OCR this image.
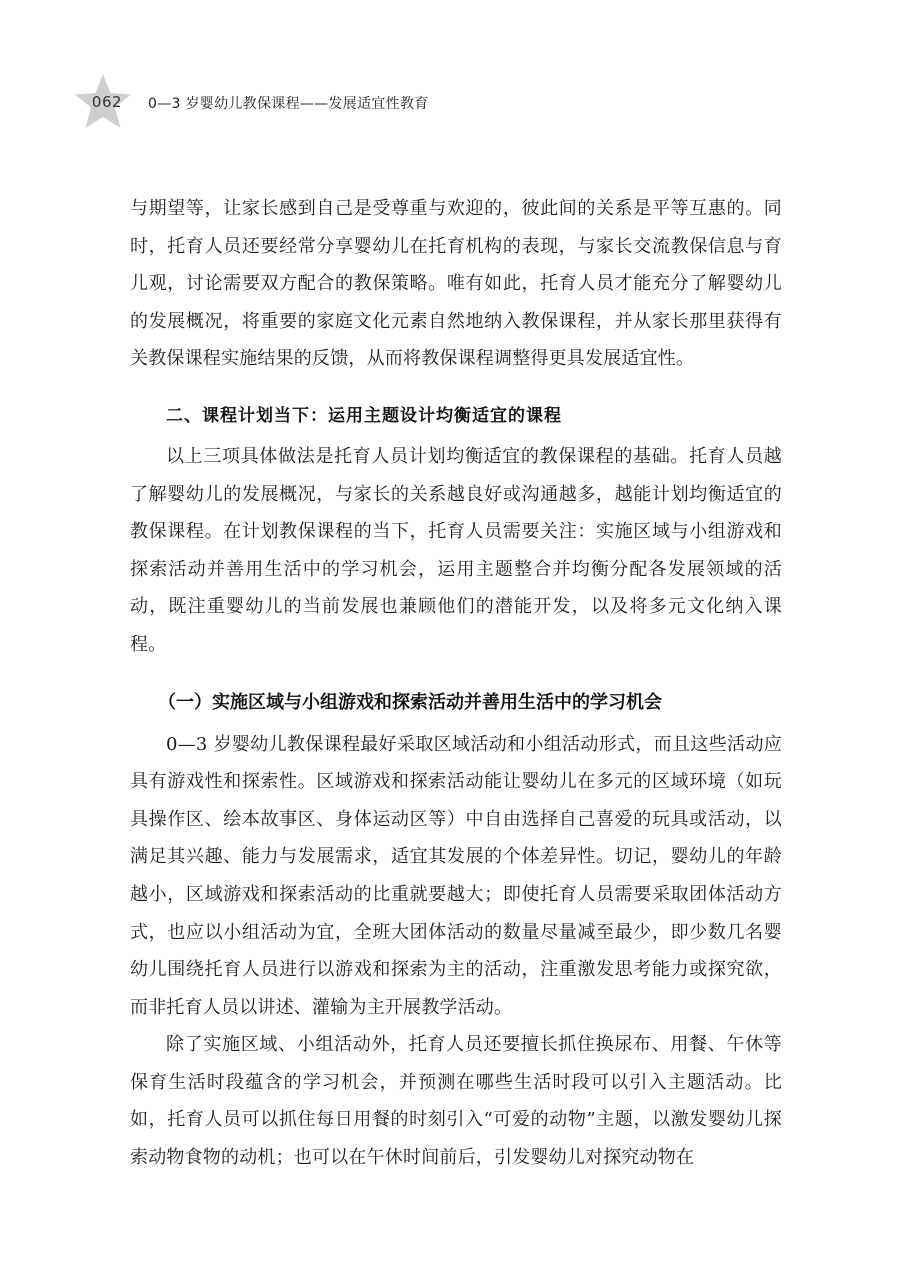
062	0—3 岁婴幼儿教保课程——发展适宜性教育

与期望等，让家长感到自己是受尊重与欢迎的，彼此间的关系是平等互惠的。同时，托育人员还要经常分享婴幼儿在托育机构的表现，与家长交流教保信息与育儿观，讨论需要双方配合的教保策略。唯有如此，托育人员才能充分了解婴幼儿的发展概况，将重要的家庭文化元素自然地纳入教保课程，并从家长那里获得有关教保课程实施结果的反馈，从而将教保课程调整得更具发展适宜性。

二、课程计划当下：运用主题设计均衡适宜的课程

以上三项具体做法是托育人员计划均衡适宜的教保课程的基础。托育人员越了解婴幼儿的发展概况，与家长的关系越良好或沟通越多，越能计划均衡适宜的教保课程。在计划教保课程的当下，托育人员需要关注：实施区域与小组游戏和探索活动并善用生活中的学习机会，运用主题整合并均衡分配各发展领域的活动，既注重婴幼儿的当前发展也兼顾他们的潜能开发，以及将多元文化纳入课程。

（一）实施区域与小组游戏和探索活动并善用生活中的学习机会

0—3 岁婴幼儿教保课程最好采取区域活动和小组活动形式，而且这些活动应具有游戏性和探索性。区域游戏和探索活动能让婴幼儿在多元的区域环境（如玩具操作区、绘本故事区、身体运动区等）中自由选择自己喜爱的玩具或活动，以满足其兴趣、能力与发展需求，适宜其发展的个体差异性。切记，婴幼儿的年龄越小，区域游戏和探索活动的比重就要越大；即使托育人员需要采取团体活动方式，也应以小组活动为宜，全班大团体活动的数量尽量减至最少，即少数几名婴幼儿围绕托育人员进行以游戏和探索为主的活动，注重激发思考能力或探究欲，而非托育人员以讲述、灌输为主开展教学活动。

除了实施区域、小组活动外，托育人员还要擅长抓住换尿布、用餐、午休等保育生活时段蕴含的学习机会，并预测在哪些生活时段可以引入主题活动。比如，托育人员可以抓住每日用餐的时刻引入“可爱的动物”主题，以激发婴幼儿探索动物食物的动机；也可以在午休时间前后，引发婴幼儿对探究动物在
